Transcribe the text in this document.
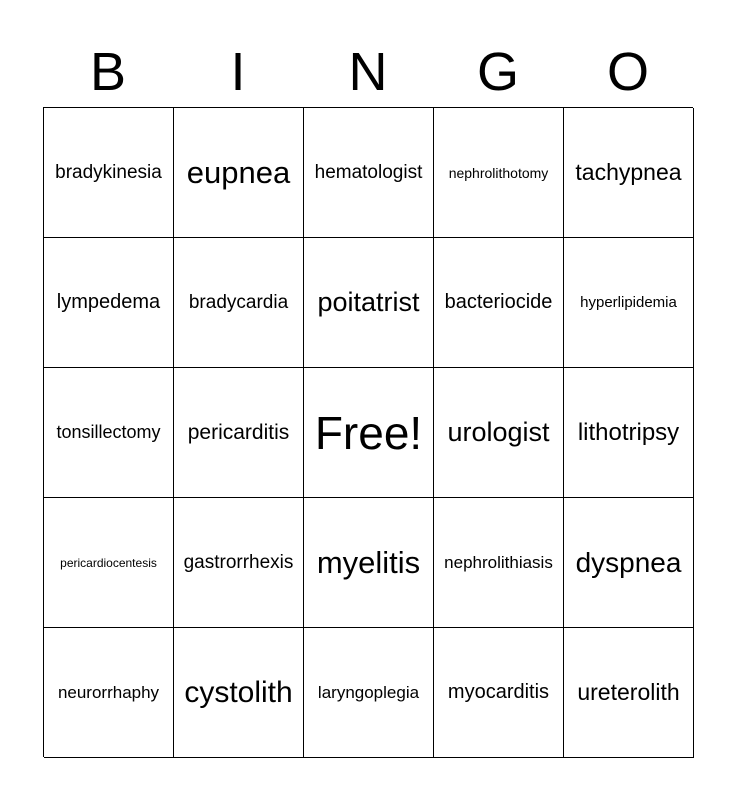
B	I	N	G	O
bradykinesia eupnea hematologist nephrolithotomy tachypnea
lympedema bradycardia poitatrist bacteriocide hyperlipidemia
tonsillectomy pericarditis Free! urologist lithotripsy
pericardiocentesis gastrorrhexis myelitis nephrolithiasis dyspnea
neurorrhaphy cystolith laryngoplegia myocarditis ureterolith
